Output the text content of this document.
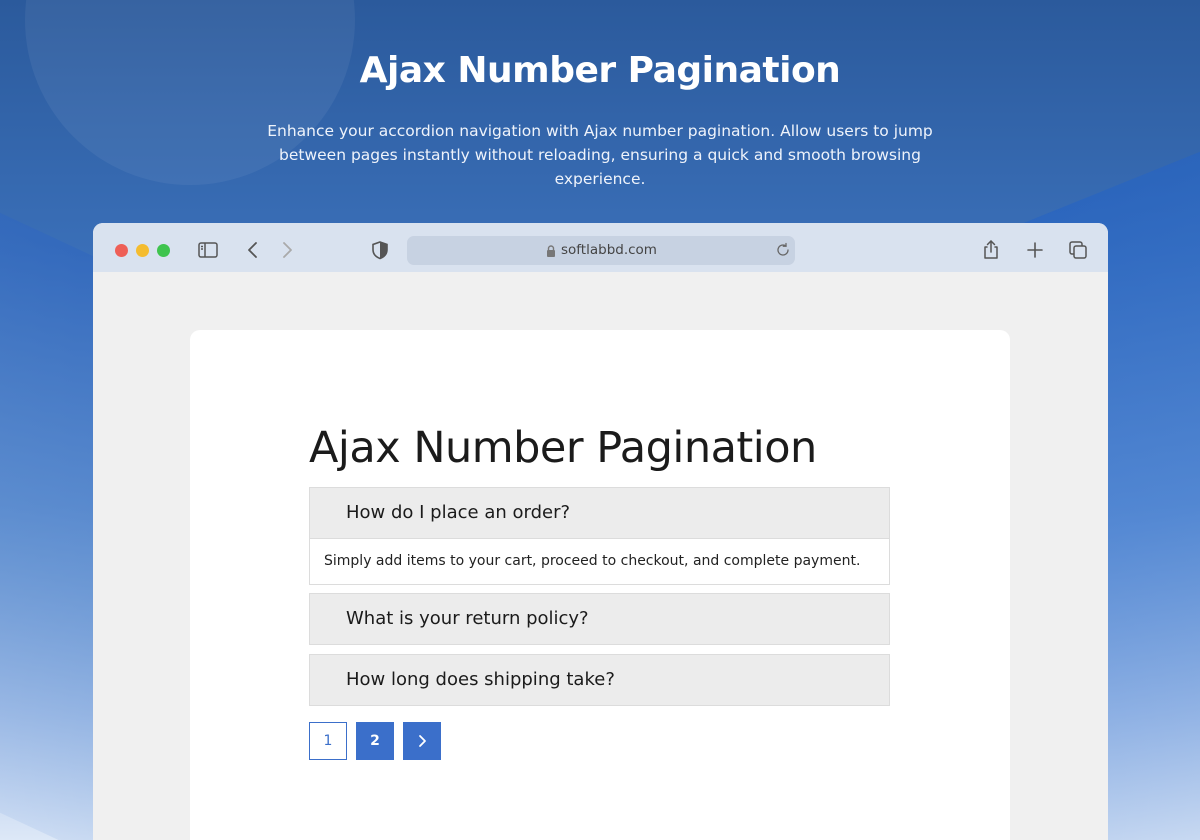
Ajax Number Pagination

Enhance your accordion navigation with Ajax number pagination. Allow users to jump between pages instantly without reloading, ensuring a quick and smooth browsing experience.

softlabbd.com
Ajax Number Pagination
How do I place an order?
Simply add items to your cart, proceed to checkout, and complete payment.
What is your return policy?
How long does shipping take?
1	2
